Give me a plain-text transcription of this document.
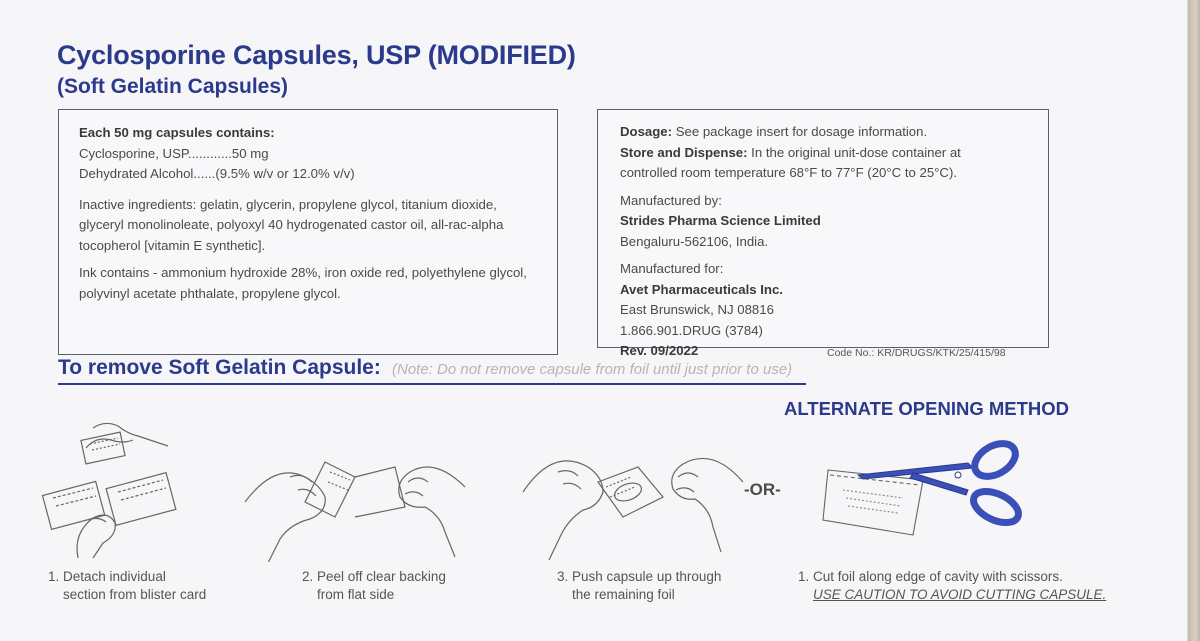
Cyclosporine Capsules, USP (MODIFIED)
(Soft Gelatin Capsules)
Each 50 mg capsules contains:
Cyclosporine, USP............50 mg
Dehydrated Alcohol......(9.5% w/v or 12.0% v/v)
Inactive ingredients: gelatin, glycerin, propylene glycol, titanium dioxide,
glyceryl monolinoleate, polyoxyl 40 hydrogenated castor oil, all-rac-alpha
tocopherol [vitamin E synthetic].
Ink contains - ammonium hydroxide 28%, iron oxide red, polyethylene glycol,
polyvinyl acetate phthalate, propylene glycol.
Dosage: See package insert for dosage information.
Store and Dispense: In the original unit-dose container at
controlled room temperature 68°F to 77°F (20°C to 25°C).
Manufactured by:
Strides Pharma Science Limited
Bengaluru-562106, India.
Manufactured for:
Avet Pharmaceuticals Inc.
East Brunswick, NJ 08816
1.866.901.DRUG (3784)
Rev. 09/2022	Code No.: KR/DRUGS/KTK/25/415/98
To remove Soft Gelatin Capsule: (Note: Do not remove capsule from foil until just prior to use)
ALTERNATE OPENING METHOD
-OR-
1. Detach individual
section from blister card
2. Peel off clear backing
from flat side
3. Push capsule up through
the remaining foil
1. Cut foil along edge of cavity with scissors.
USE CAUTION TO AVOID CUTTING CAPSULE.
